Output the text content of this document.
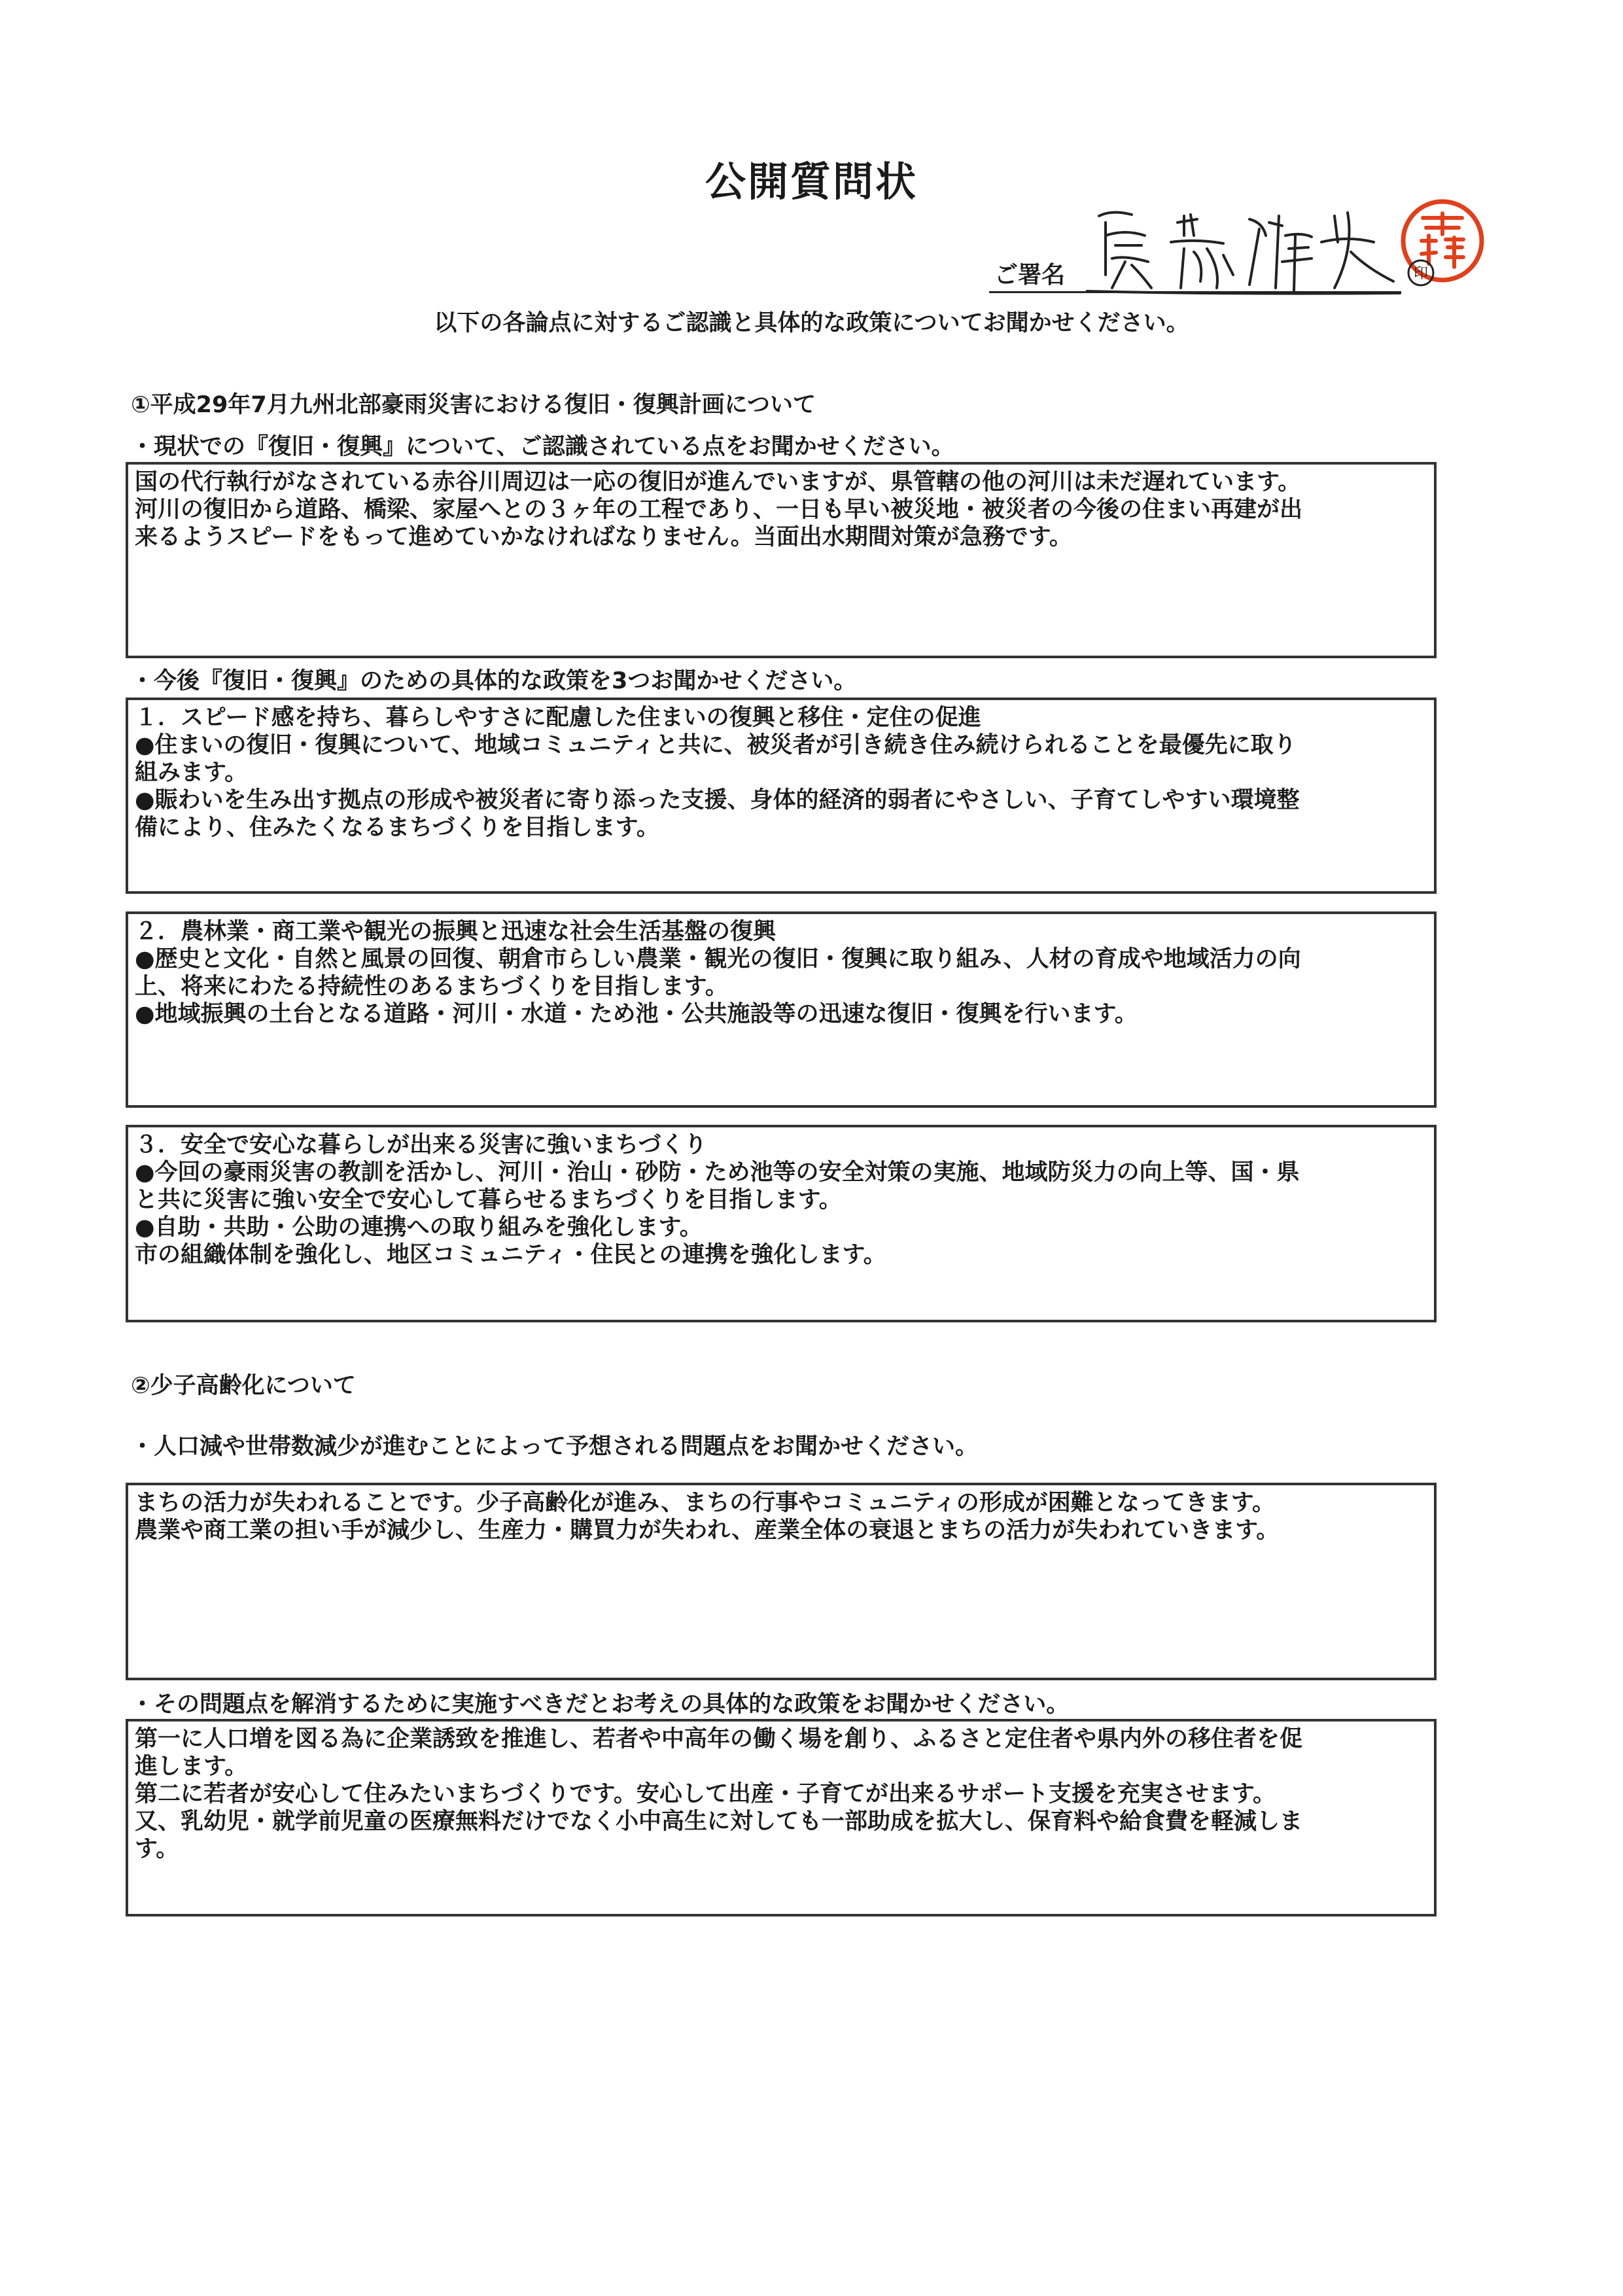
公開質問状
ご署名	印
以下の各論点に対するご認識と具体的な政策についてお聞かせください。
①平成29年7月九州北部豪雨災害における復旧・復興計画について
・現状での『復旧・復興』について、ご認識されている点をお聞かせください。

国の代行執行がなされている赤谷川周辺は一応の復旧が進んでいますが、県管轄の他の河川は未だ遅れています。

河川の復旧から道路、橋梁、家屋へとの３ヶ年の工程であり、一日も早い被災地・被災者の今後の住まい再建が出

来るようスピードをもって進めていかなければなりません。当面出水期間対策が急務です。

・今後『復旧・復興』のための具体的な政策を3つお聞かせください。

１．スピード感を持ち、暮らしやすさに配慮した住まいの復興と移住・定住の促進

●住まいの復旧・復興について、地域コミュニティと共に、被災者が引き続き住み続けられることを最優先に取り

組みます。

●賑わいを生み出す拠点の形成や被災者に寄り添った支援、身体的経済的弱者にやさしい、子育てしやすい環境整

備により、住みたくなるまちづくりを目指します。

２．農林業・商工業や観光の振興と迅速な社会生活基盤の復興

●歴史と文化・自然と風景の回復、朝倉市らしい農業・観光の復旧・復興に取り組み、人材の育成や地域活力の向

上、将来にわたる持続性のあるまちづくりを目指します。

●地域振興の土台となる道路・河川・水道・ため池・公共施設等の迅速な復旧・復興を行います。

３．安全で安心な暮らしが出来る災害に強いまちづくり

●今回の豪雨災害の教訓を活かし、河川・治山・砂防・ため池等の安全対策の実施、地域防災力の向上等、国・県

と共に災害に強い安全で安心して暮らせるまちづくりを目指します。

●自助・共助・公助の連携への取り組みを強化します。

市の組織体制を強化し、地区コミュニティ・住民との連携を強化します。

②少子高齢化について
・人口減や世帯数減少が進むことによって予想される問題点をお聞かせください。

まちの活力が失われることです。少子高齢化が進み、まちの行事やコミュニティの形成が困難となってきます。

農業や商工業の担い手が減少し、生産力・購買力が失われ、産業全体の衰退とまちの活力が失われていきます。

・その問題点を解消するために実施すべきだとお考えの具体的な政策をお聞かせください。

第一に人口増を図る為に企業誘致を推進し、若者や中高年の働く場を創り、ふるさと定住者や県内外の移住者を促

進します。

第二に若者が安心して住みたいまちづくりです。安心して出産・子育てが出来るサポート支援を充実させます。

又、乳幼児・就学前児童の医療無料だけでなく小中高生に対しても一部助成を拡大し、保育料や給食費を軽減しま

す。
